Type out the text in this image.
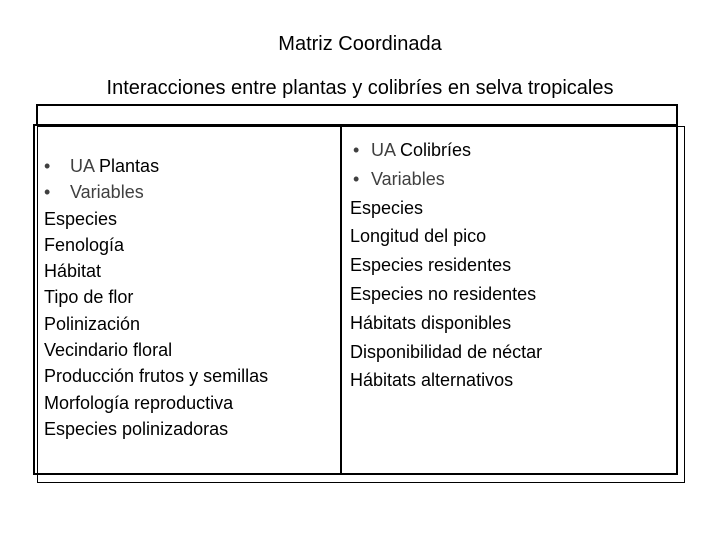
Matriz Coordinada
Interacciones entre plantas y colibríes en selva tropicales
• UA Plantas
• Variables
Especies
Fenología
Hábitat
Tipo de flor
Polinización
Vecindario floral
Producción frutos y semillas
Morfología reproductiva
Especies polinizadoras
• UA Colibríes
• Variables
Especies
Longitud del pico
Especies residentes
Especies no residentes
Hábitats disponibles
Disponibilidad de néctar
Hábitats alternativos
